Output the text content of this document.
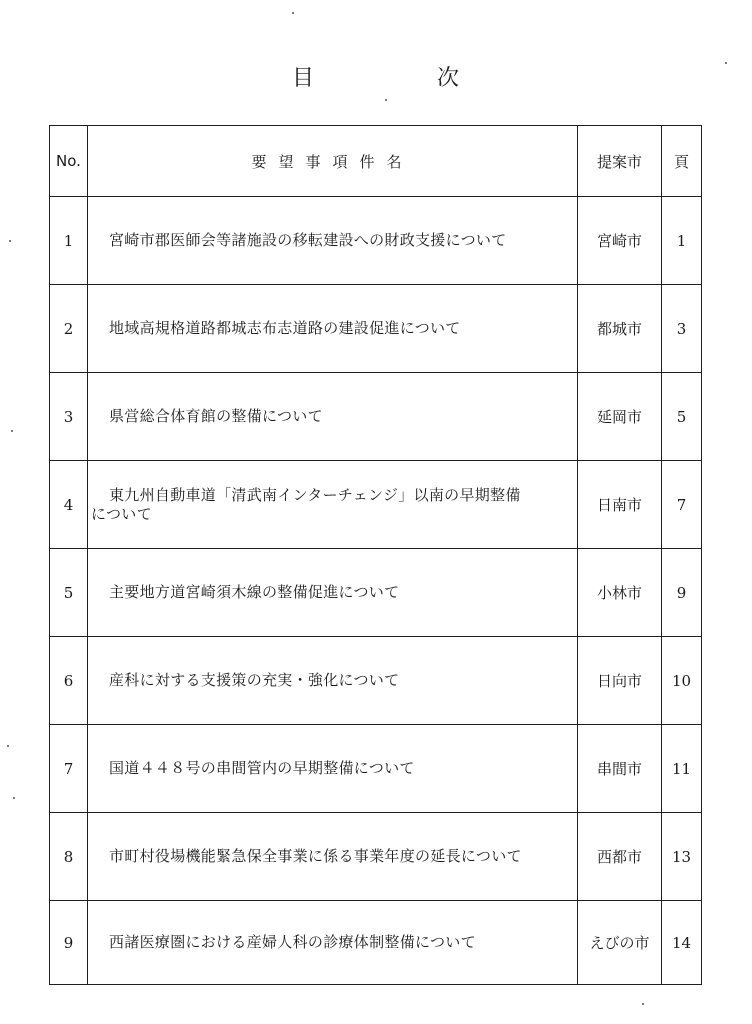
目	次
No.	要望事項件名	提案市	頁
1	宮崎市郡医師会等諸施設の移転建設への財政支援について	宮崎市	1
2	地域高規格道路都城志布志道路の建設促進について	都城市	3
3	県営総合体育館の整備について	延岡市	5
4	東九州自動車道「清武南インターチェンジ」以南の早期整備
について	日南市	7
5	主要地方道宮崎須木線の整備促進について	小林市	9
6	産科に対する支援策の充実・強化について	日向市	10
7	国道４４８号の串間管内の早期整備について	串間市	11
8	市町村役場機能緊急保全事業に係る事業年度の延長について	西都市	13
9	西諸医療圏における産婦人科の診療体制整備について	えびの市	14
